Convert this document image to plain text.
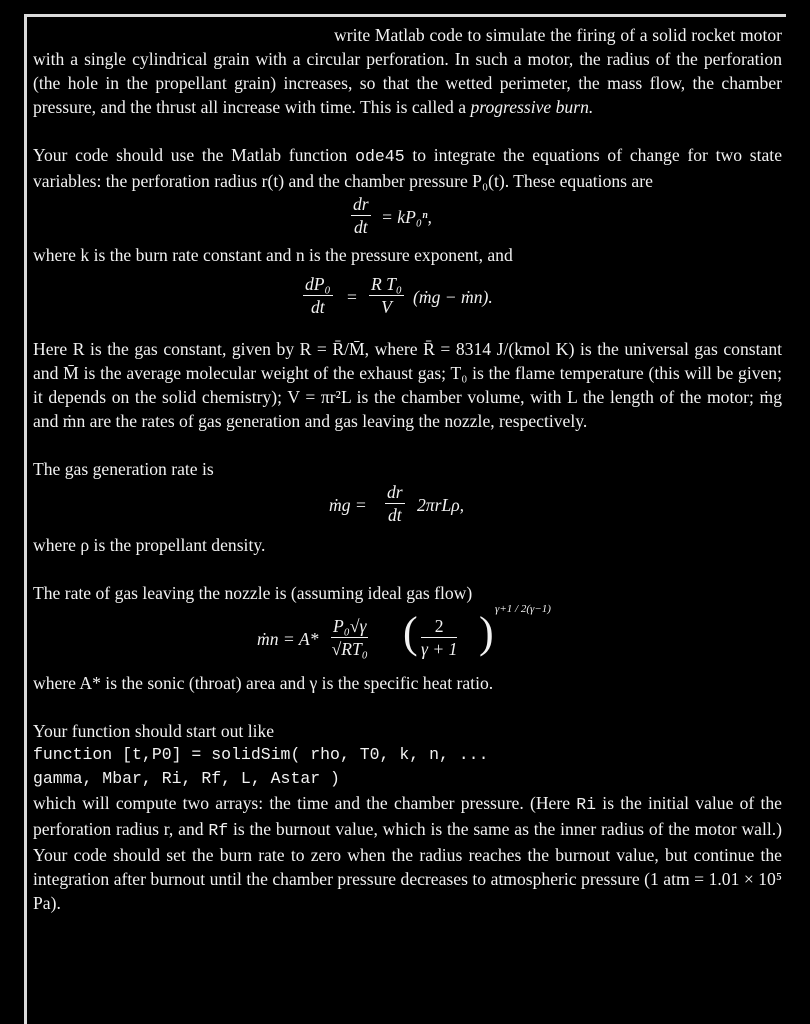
write Matlab code to simulate the firing of a solid rocket motor with a single cylindrical grain with a circular perforation. In such a motor, the radius of the perforation (the hole in the propellant grain) increases, so that the wetted perimeter, the mass flow, the chamber pressure, and the thrust all increase with time. This is called a progressive burn.

Your code should use the Matlab function ode45 to integrate the equations of change for two state variables: the perforation radius r(t) and the chamber pressure P₀(t). These equations are

$\frac{dr}{dt} = kP_0^n$,

where k is the burn rate constant and n is the pressure exponent, and

$\frac{\text{dP₀}}{dt} = \frac{\text{R T₀}}{V}$ (ṁg − ṁn).

Here R is the gas constant, given by R = R̄/M̄, where R̄ = 8314 J/(kmol K) is the universal gas constant and M̄ is the average molecular weight of the exhaust gas; T₀ is the flame temperature (this will be given; it depends on the solid chemistry); V = πr²L is the chamber volume, with L the length of the motor; ṁg and ṁn are the rates of gas generation and gas leaving the nozzle, respectively.

The gas generation rate is

ṁg = $\frac{dr}{dt} 2\pi rL\rho$,

where ρ is the propellant density.

The rate of gas leaving the nozzle is (assuming ideal gas flow)

ṁn = $A* \frac{\text{P₀√γ}}{\text{√RT₀}}$ ( $\frac{2}{\gamma + 1}$ ) γ+1 / 2(γ−1)

where A* is the sonic (throat) area and γ is the specific heat ratio.

Your function should start out like

function [t,P0] = solidSim( rho, T0, k, n, ...

gamma, Mbar, Ri, Rf, L, Astar )

which will compute two arrays: the time and the chamber pressure. (Here Ri is the initial value of the perforation radius r, and Rf is the burnout value, which is the same as the inner radius of the motor wall.) Your code should set the burn rate to zero when the radius reaches the burnout value, but continue the integration after burnout until the chamber pressure decreases to atmospheric pressure (1 atm = 1.01 × 10⁵ Pa).
